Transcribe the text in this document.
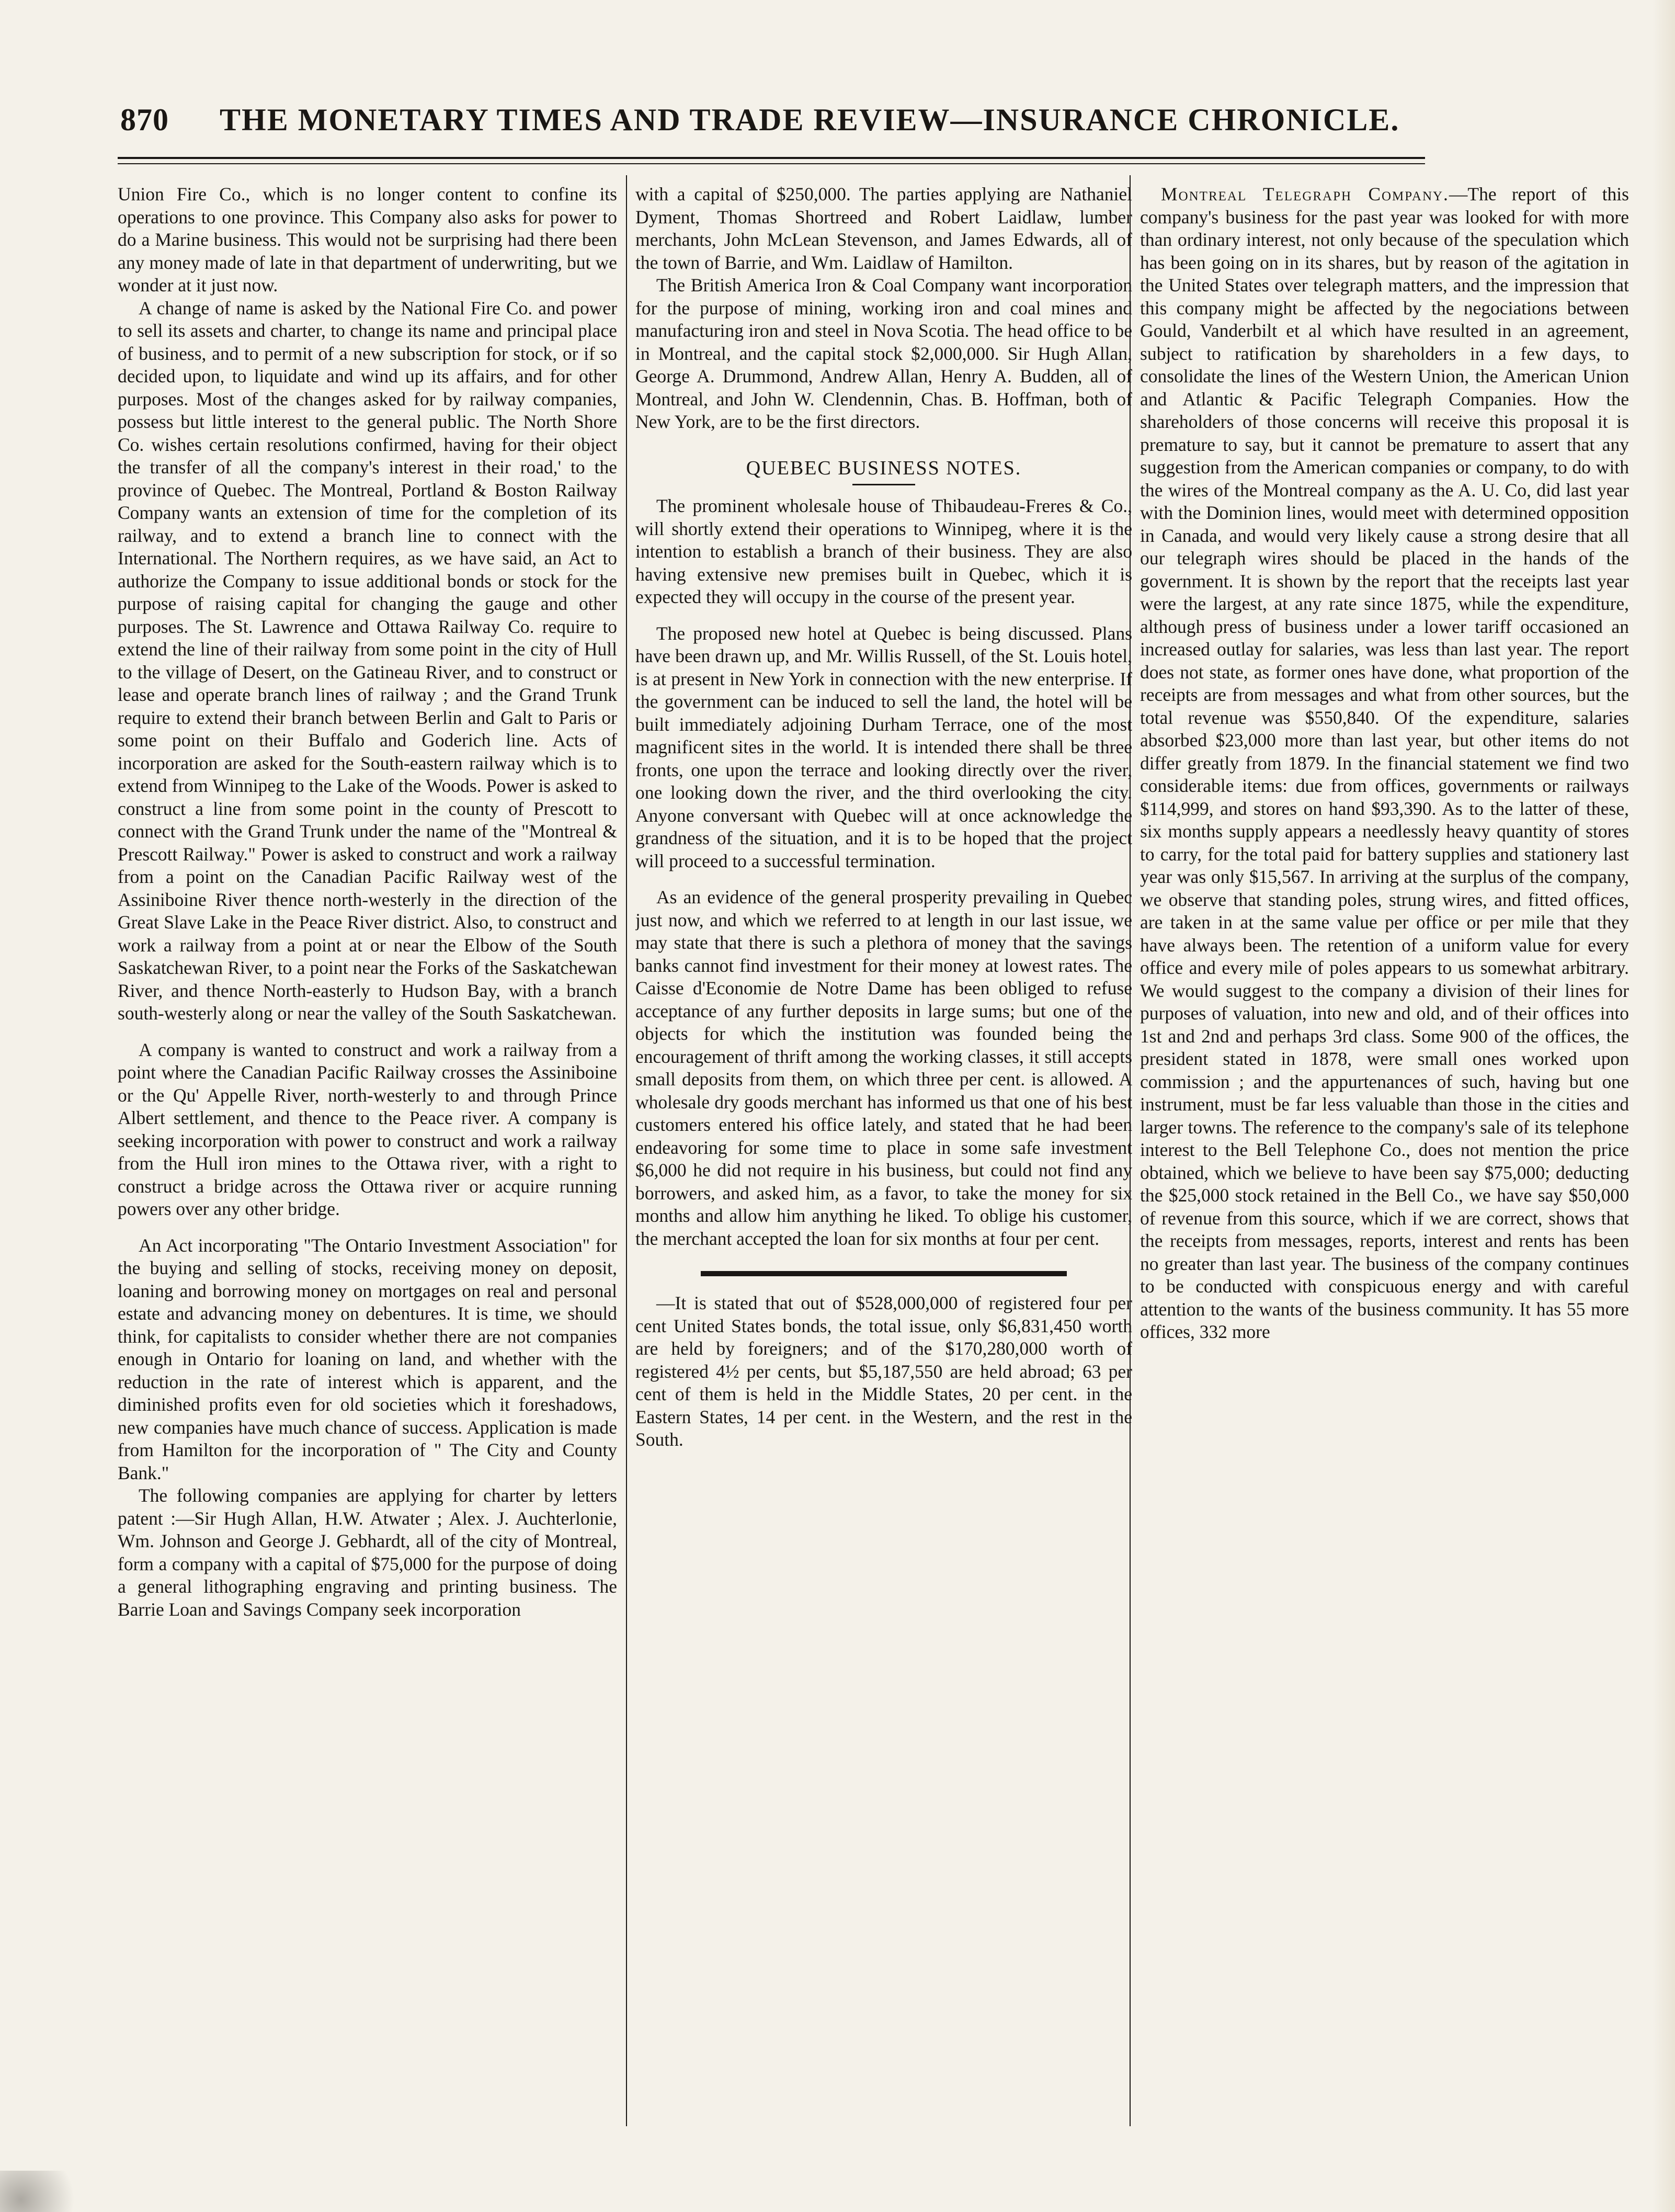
870 THE MONETARY TIMES AND TRADE REVIEW—INSURANCE CHRONICLE.

Union Fire Co., which is no longer content to confine its operations to one province. This Company also asks for power to do a Marine business. This would not be surprising had there been any money made of late in that department of underwriting, but we wonder at it just now.

A change of name is asked by the National Fire Co. and power to sell its assets and charter, to change its name and principal place of business, and to permit of a new subscription for stock, or if so decided upon, to liquidate and wind up its affairs, and for other purposes. Most of the changes asked for by railway companies, possess but little interest to the general public. The North Shore Co. wishes certain resolutions confirmed, having for their object the transfer of all the company's interest in their road,' to the province of Quebec. The Montreal, Portland & Boston Railway Company wants an extension of time for the completion of its railway, and to extend a branch line to connect with the International. The Northern requires, as we have said, an Act to authorize the Company to issue additional bonds or stock for the purpose of raising capital for changing the gauge and other purposes. The St. Lawrence and Ottawa Railway Co. require to extend the line of their railway from some point in the city of Hull to the village of Desert, on the Gatineau River, and to construct or lease and operate branch lines of railway ; and the Grand Trunk require to extend their branch between Berlin and Galt to Paris or some point on their Buffalo and Goderich line. Acts of incorporation are asked for the South-eastern railway which is to extend from Winnipeg to the Lake of the Woods. Power is asked to construct a line from some point in the county of Prescott to connect with the Grand Trunk under the name of the "Montreal & Prescott Railway." Power is asked to construct and work a railway from a point on the Canadian Pacific Railway west of the Assiniboine River thence north-westerly in the direction of the Great Slave Lake in the Peace River district. Also, to construct and work a railway from a point at or near the Elbow of the South Saskatchewan River, to a point near the Forks of the Saskatchewan River, and thence North-easterly to Hudson Bay, with a branch south-westerly along or near the valley of the South Saskatchewan.

A company is wanted to construct and work a railway from a point where the Canadian Pacific Railway crosses the Assiniboine or the Qu' Appelle River, north-westerly to and through Prince Albert settlement, and thence to the Peace river. A company is seeking incorporation with power to construct and work a railway from the Hull iron mines to the Ottawa river, with a right to construct a bridge across the Ottawa river or acquire running powers over any other bridge.

An Act incorporating "The Ontario Investment Association" for the buying and selling of stocks, receiving money on deposit, loaning and borrowing money on mortgages on real and personal estate and advancing money on debentures. It is time, we should think, for capitalists to consider whether there are not companies enough in Ontario for loaning on land, and whether with the reduction in the rate of interest which is apparent, and the diminished profits even for old societies which it foreshadows, new companies have much chance of success. Application is made from Hamilton for the incorporation of " The City and County Bank."

The following companies are applying for charter by letters patent :—Sir Hugh Allan, H.W. Atwater ; Alex. J. Auchterlonie, Wm. Johnson and George J. Gebhardt, all of the city of Montreal, form a company with a capital of $75,000 for the purpose of doing a general lithographing engraving and printing business. The Barrie Loan and Savings Company seek incorporation

with a capital of $250,000. The parties applying are Nathaniel Dyment, Thomas Shortreed and Robert Laidlaw, lumber merchants, John McLean Stevenson, and James Edwards, all of the town of Barrie, and Wm. Laidlaw of Hamilton.

The British America Iron & Coal Company want incorporation for the purpose of mining, working iron and coal mines and manufacturing iron and steel in Nova Scotia. The head office to be in Montreal, and the capital stock $2,000,000. Sir Hugh Allan, George A. Drummond, Andrew Allan, Henry A. Budden, all of Montreal, and John W. Clendennin, Chas. B. Hoffman, both of New York, are to be the first directors.

QUEBEC BUSINESS NOTES.

The prominent wholesale house of Thibaudeau-Freres & Co., will shortly extend their operations to Winnipeg, where it is the intention to establish a branch of their business. They are also having extensive new premises built in Quebec, which it is expected they will occupy in the course of the present year.

The proposed new hotel at Quebec is being discussed. Plans have been drawn up, and Mr. Willis Russell, of the St. Louis hotel, is at present in New York in connection with the new enterprise. If the government can be induced to sell the land, the hotel will be built immediately adjoining Durham Terrace, one of the most magnificent sites in the world. It is intended there shall be three fronts, one upon the terrace and looking directly over the river, one looking down the river, and the third overlooking the city. Anyone conversant with Quebec will at once acknowledge the grandness of the situation, and it is to be hoped that the project will proceed to a successful termination.

As an evidence of the general prosperity prevailing in Quebec just now, and which we referred to at length in our last issue, we may state that there is such a plethora of money that the savings banks cannot find investment for their money at lowest rates. The Caisse d'Economie de Notre Dame has been obliged to refuse acceptance of any further deposits in large sums; but one of the objects for which the institution was founded being the encouragement of thrift among the working classes, it still accepts small deposits from them, on which three per cent. is allowed. A wholesale dry goods merchant has informed us that one of his best customers entered his office lately, and stated that he had been endeavoring for some time to place in some safe investment $6,000 he did not require in his business, but could not find any borrowers, and asked him, as a favor, to take the money for six months and allow him anything he liked. To oblige his customer, the merchant accepted the loan for six months at four per cent.

—It is stated that out of $528,000,000 of registered four per cent United States bonds, the total issue, only $6,831,450 worth are held by foreigners; and of the $170,280,000 worth of registered 4½ per cents, but $5,187,550 are held abroad; 63 per cent of them is held in the Middle States, 20 per cent. in the Eastern States, 14 per cent. in the Western, and the rest in the South.

Montreal Telegraph Company.—The report of this company's business for the past year was looked for with more than ordinary interest, not only because of the speculation which has been going on in its shares, but by reason of the agitation in the United States over telegraph matters, and the impression that this company might be affected by the negociations between Gould, Vanderbilt et al which have resulted in an agreement, subject to ratification by shareholders in a few days, to consolidate the lines of the Western Union, the American Union and Atlantic & Pacific Telegraph Companies. How the shareholders of those concerns will receive this proposal it is premature to say, but it cannot be premature to assert that any suggestion from the American companies or company, to do with the wires of the Montreal company as the A. U. Co, did last year with the Dominion lines, would meet with determined opposition in Canada, and would very likely cause a strong desire that all our telegraph wires should be placed in the hands of the government. It is shown by the report that the receipts last year were the largest, at any rate since 1875, while the expenditure, although press of business under a lower tariff occasioned an increased outlay for salaries, was less than last year. The report does not state, as former ones have done, what proportion of the receipts are from messages and what from other sources, but the total revenue was $550,840. Of the expenditure, salaries absorbed $23,000 more than last year, but other items do not differ greatly from 1879. In the financial statement we find two considerable items: due from offices, governments or railways $114,999, and stores on hand $93,390. As to the latter of these, six months supply appears a needlessly heavy quantity of stores to carry, for the total paid for battery supplies and stationery last year was only $15,567. In arriving at the surplus of the company, we observe that standing poles, strung wires, and fitted offices, are taken in at the same value per office or per mile that they have always been. The retention of a uniform value for every office and every mile of poles appears to us somewhat arbitrary. We would suggest to the company a division of their lines for purposes of valuation, into new and old, and of their offices into 1st and 2nd and perhaps 3rd class. Some 900 of the offices, the president stated in 1878, were small ones worked upon commission ; and the appurtenances of such, having but one instrument, must be far less valuable than those in the cities and larger towns. The reference to the company's sale of its telephone interest to the Bell Telephone Co., does not mention the price obtained, which we believe to have been say $75,000; deducting the $25,000 stock retained in the Bell Co., we have say $50,000 of revenue from this source, which if we are correct, shows that the receipts from messages, reports, interest and rents has been no greater than last year. The business of the company continues to be conducted with conspicuous energy and with careful attention to the wants of the business community. It has 55 more offices, 332 more
